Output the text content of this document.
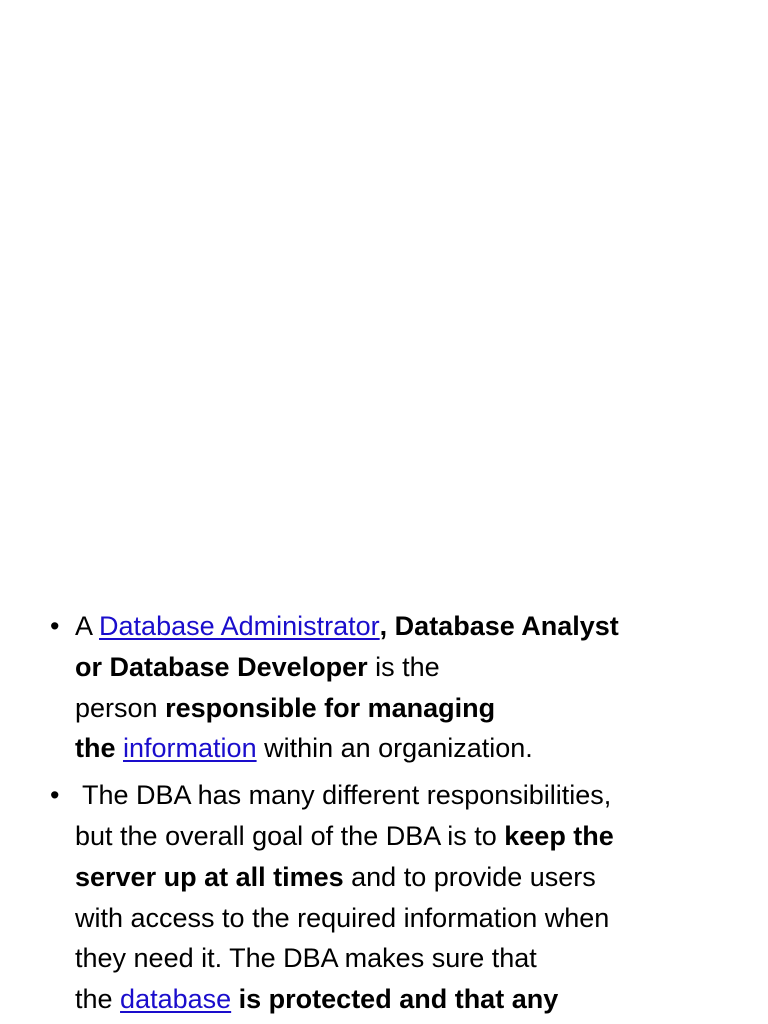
• A Database Administrator, Database Analyst
or Database Developer is the
person responsible for managing
the information within an organization.
• The DBA has many different responsibilities,
but the overall goal of the DBA is to keep the
server up at all times and to provide users
with access to the required information when
they need it. The DBA makes sure that
the database is protected and that any
